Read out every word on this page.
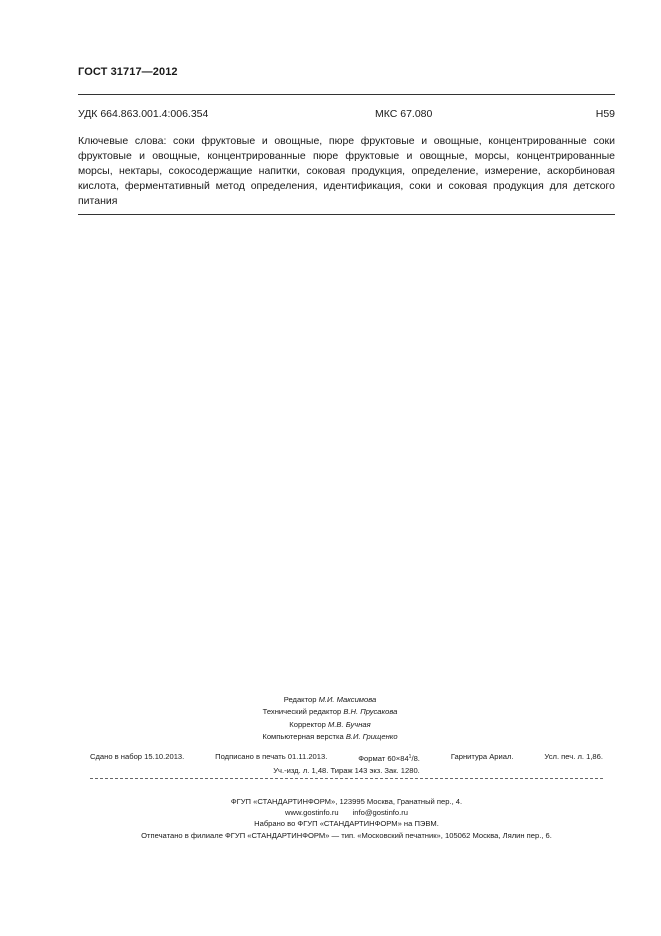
ГОСТ 31717—2012
УДК 664.863.001.4:006.354	МКС 67.080	Н59
Ключевые слова: соки фруктовые и овощные, пюре фруктовые и овощные, концентрированные соки
фруктовые и овощные, концентрированные пюре фруктовые и овощные, морсы, концентрированные
морсы, нектары, сокосодержащие напитки, соковая продукция, определение, измерение, аскорбиновая
кислота, ферментативный метод определения, идентификация, соки и соковая продукция для детского
питания
Редактор М.И. Максимова
Технический редактор В.Н. Прусакова
Корректор М.В. Бучная
Компьютерная верстка В.И. Грищенко
Сдано в набор 15.10.2013.	Подписано в печать 01.11.2013.	Формат $60\times 84^1/8$.	Гарнитура Ариал.	Усл. печ. л. 1,86.
Уч.-изд. л. 1,48. Тираж 143 экз. Зак. 1280.
ФГУП «СТАНДАРТИНФОРМ», 123995 Москва, Гранатный пер., 4.
www.gostinfo.ru info@gostinfo.ru
Набрано во ФГУП «СТАНДАРТИНФОРМ» на ПЭВМ.
Отпечатано в филиале ФГУП «СТАНДАРТИНФОРМ» — тип. «Московский печатник», 105062 Москва, Лялин пер., 6.
